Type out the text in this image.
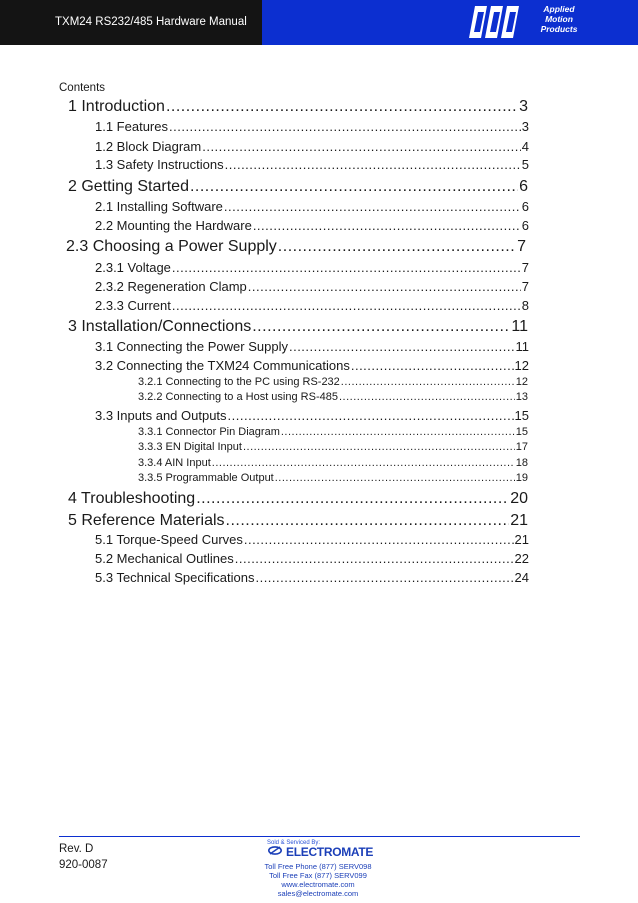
TXM24 RS232/485 Hardware Manual
Applied
Motion
Products
Contents
1 Introduction .....	3
1.1 Features .....	3
1.2 Block Diagram .....	4
1.3 Safety Instructions .....	5
2 Getting Started .....	6
2.1 Installing Software .....	6
2.2 Mounting the Hardware .....	6
2.3 Choosing a Power Supply .....	7
2.3.1 Voltage .....	7
2.3.2 Regeneration Clamp .....	7
2.3.3 Current .....	8
3 Installation/Connections .....	11
3.1 Connecting the Power Supply .....	11
3.2 Connecting the TXM24 Communications .....	12
3.2.1 Connecting to the PC using RS-232 .....	12
3.2.2 Connecting to a Host using RS-485 .....	13
3.3 Inputs and Outputs .....	15
3.3.1 Connector Pin Diagram .....	15
3.3.3 EN Digital Input .....	17
3.3.4 AIN Input .....	18
3.3.5 Programmable Output .....	19
4 Troubleshooting .....	20
5 Reference Materials .....	21
5.1 Torque-Speed Curves .....	21
5.2 Mechanical Outlines .....	22
5.3 Technical Specifications .....	24
Rev. D
920-0087
Sold & Serviced By:
ELECTROMATE
Toll Free Phone (877) SERV098
Toll Free Fax (877) SERV099
www.electromate.com
sales@electromate.com
